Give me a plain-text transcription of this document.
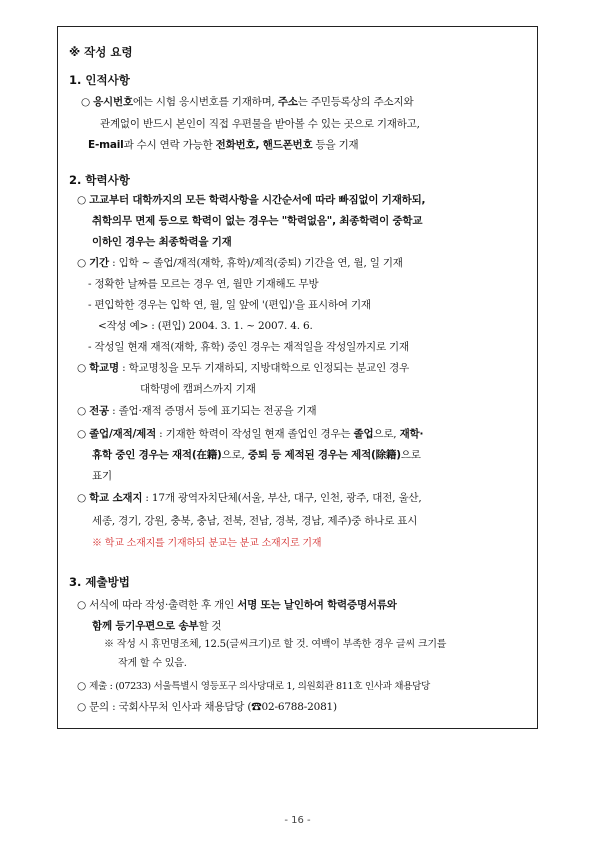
※ 작성 요령
1. 인적사항
○ 응시번호에는 시험 응시번호를 기재하며, 주소는 주민등록상의 주소지와
관계없이 반드시 본인이 직접 우편물을 받아볼 수 있는 곳으로 기재하고,
E-mail과 수시 연락 가능한 전화번호, 핸드폰번호 등을 기재
2. 학력사항
○ 고교부터 대학까지의 모든 학력사항을 시간순서에 따라 빠짐없이 기재하되,
취학의무 면제 등으로 학력이 없는 경우는 "학력없음", 최종학력이 중학교
이하인 경우는 최종학력을 기재
○ 기간 : 입학 ~ 졸업/재적(재학, 휴학)/제적(중퇴) 기간을 연, 월, 일 기재
- 정확한 날짜를 모르는 경우 연, 월만 기재해도 무방
- 편입학한 경우는 입학 연, 월, 일 앞에 '(편입)'을 표시하여 기재
<작성 예> : (편입) 2004. 3. 1. ~ 2007. 4. 6.
- 작성일 현재 재적(재학, 휴학) 중인 경우는 재적일을 작성일까지로 기재
○ 학교명 : 학교명칭을 모두 기재하되, 지방대학으로 인정되는 분교인 경우
대학명에 캠퍼스까지 기재
○ 전공 : 졸업·재적 증명서 등에 표기되는 전공을 기재
○ 졸업/재적/제적 : 기재한 학력이 작성일 현재 졸업인 경우는 졸업으로, 재학·
휴학 중인 경우는 재적(在籍)으로, 중퇴 등 제적된 경우는 제적(除籍)으로
표기
○ 학교 소재지 : 17개 광역자치단체(서울, 부산, 대구, 인천, 광주, 대전, 울산,
세종, 경기, 강원, 충북, 충남, 전북, 전남, 경북, 경남, 제주)중 하나로 표시
※ 학교 소재지를 기재하되 분교는 분교 소재지로 기재
3. 제출방법
○ 서식에 따라 작성·출력한 후 개인 서명 또는 날인하여 학력증명서류와
함께 등기우편으로 송부할 것
※ 작성 시 휴먼명조체, 12.5(글씨크기)로 할 것. 여백이 부족한 경우 글씨 크기를
작게 할 수 있음.
○ 제출 : (07233) 서울특별시 영등포구 의사당대로 1, 의원회관 811호 인사과 채용담당
○ 문의 : 국회사무처 인사과 채용담당 (☎02-6788-2081)
- 16 -
